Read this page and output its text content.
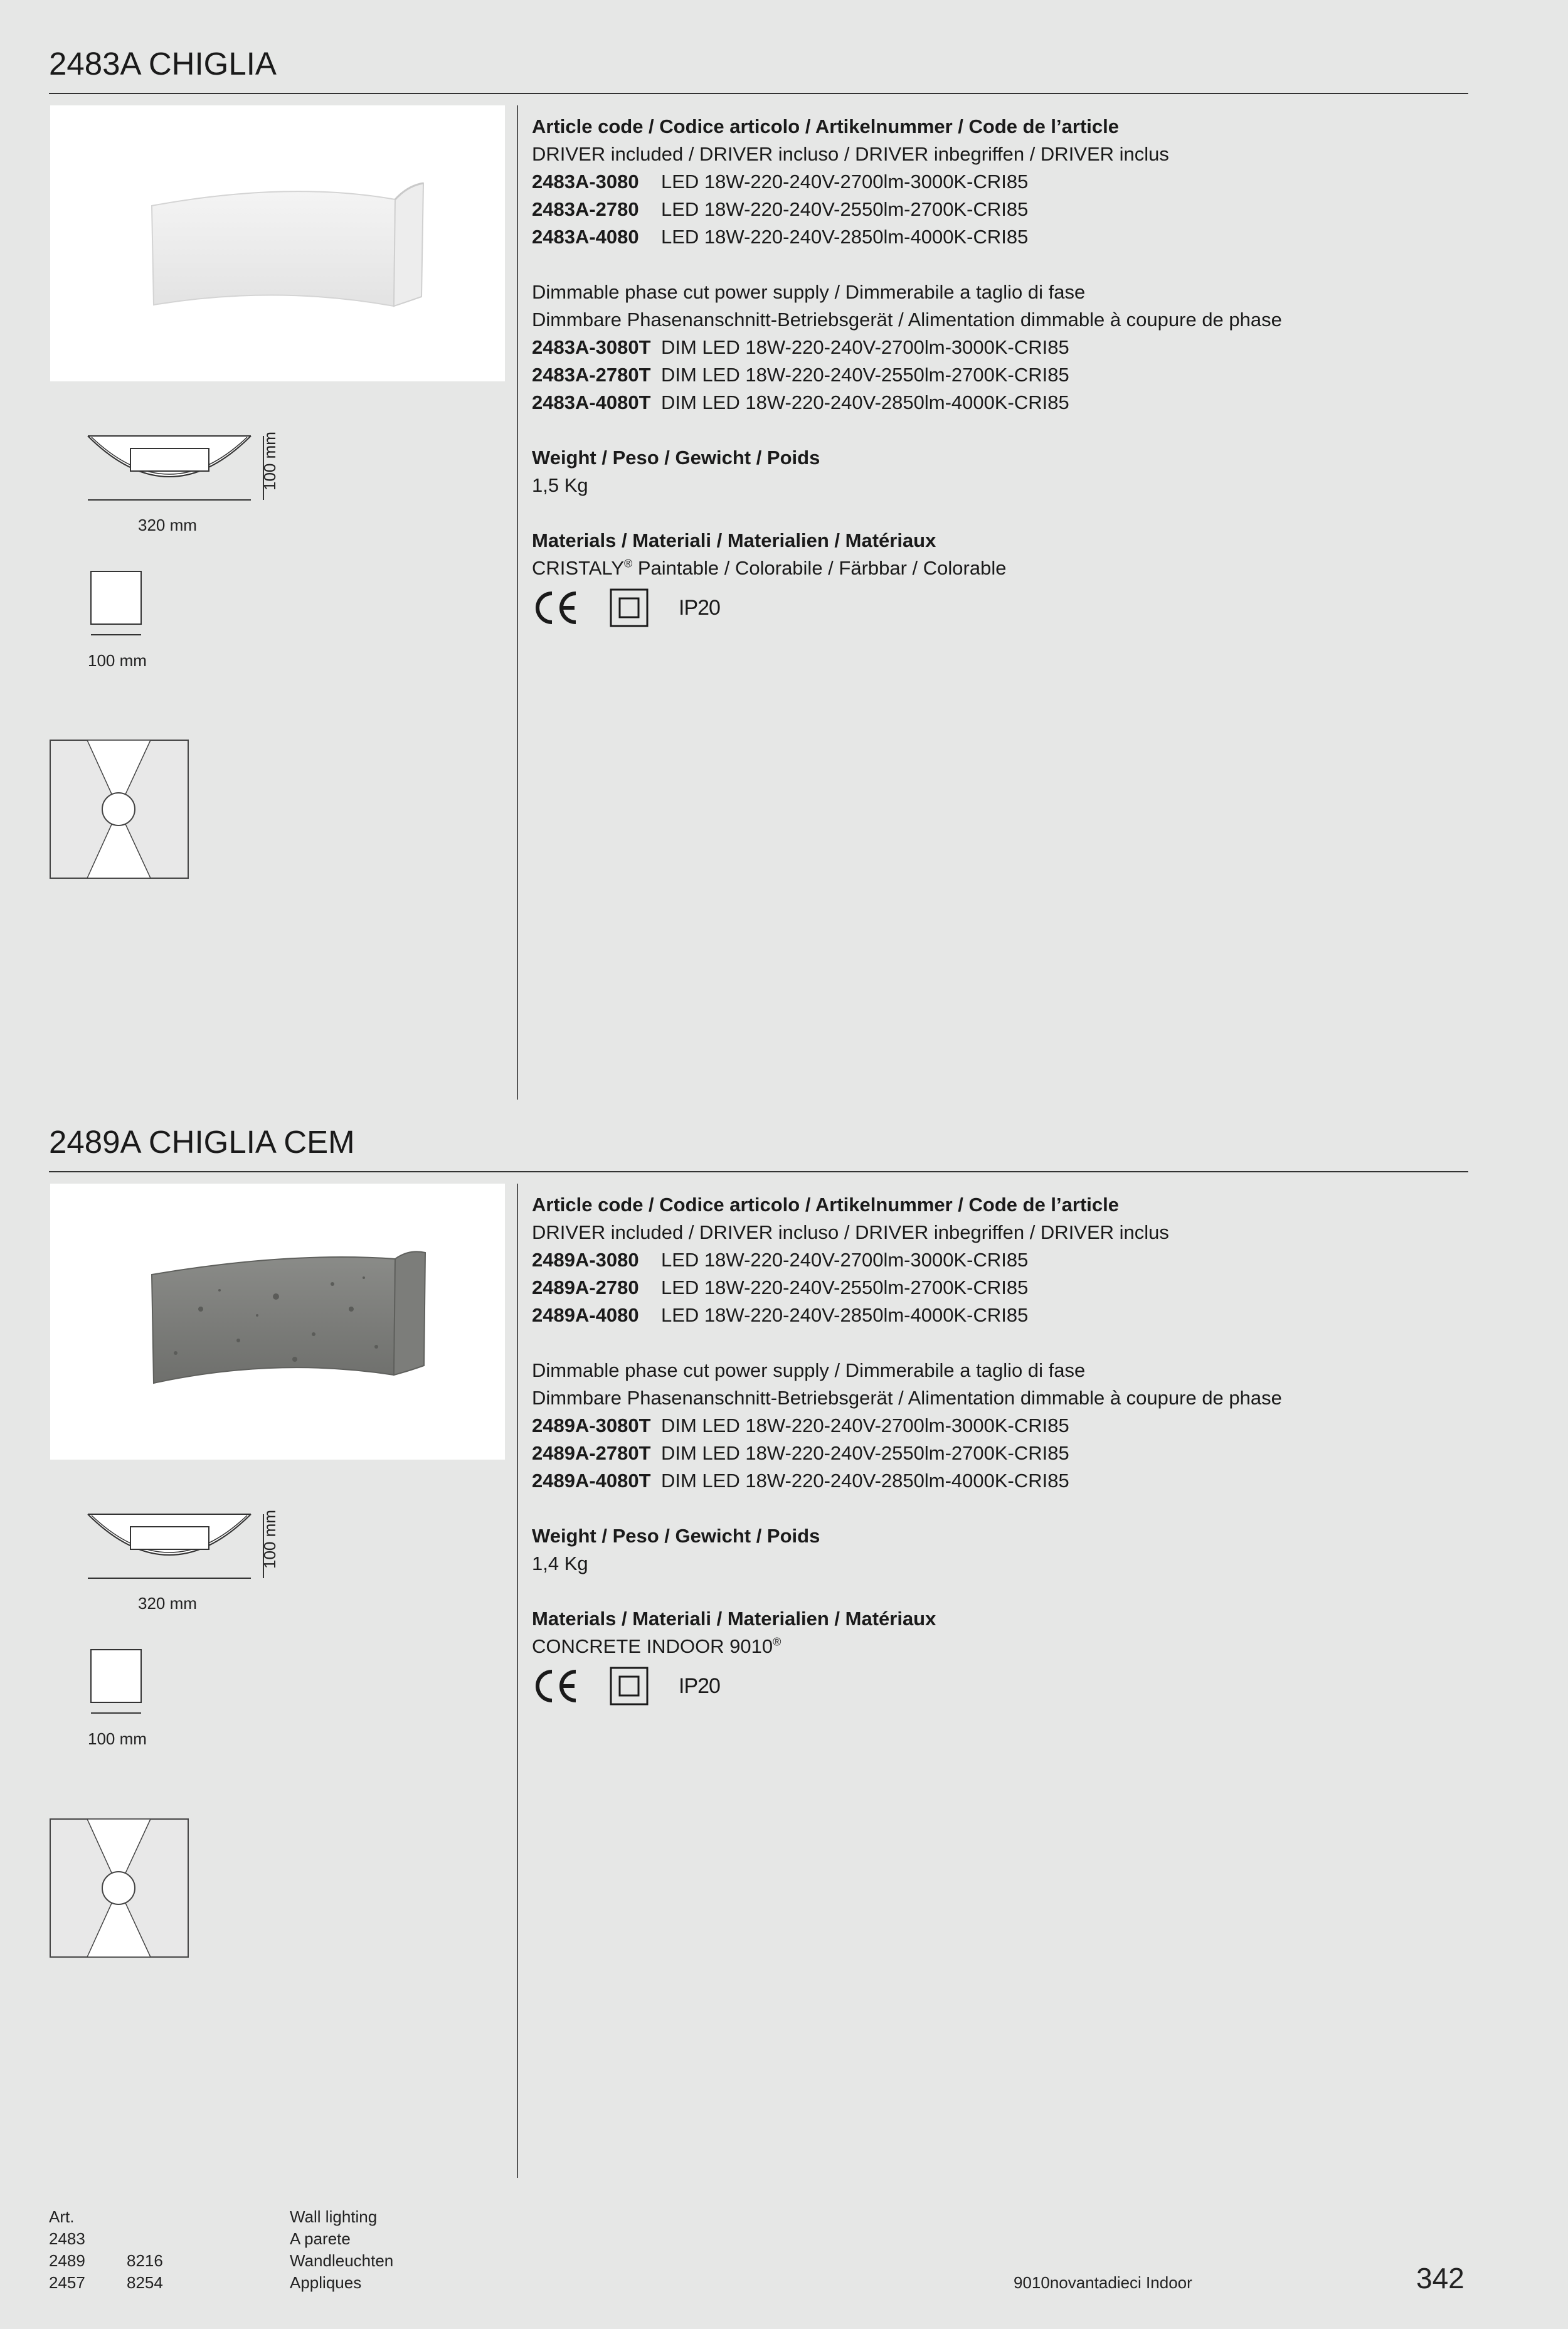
2483A CHIGLIA
100 mm
320 mm
100 mm
Article code / Codice articolo / Artikelnummer / Code de l’article
DRIVER included / DRIVER incluso / DRIVER inbegriffen / DRIVER inclus
2483A-3080 LED 18W-220-240V-2700lm-3000K-CRI85
2483A-2780 LED 18W-220-240V-2550lm-2700K-CRI85
2483A-4080 LED 18W-220-240V-2850lm-4000K-CRI85
Dimmable phase cut power supply / Dimmerabile a taglio di fase
Dimmbare Phasenanschnitt-Betriebsgerät / Alimentation dimmable à coupure de phase
2483A-3080T DIM LED 18W-220-240V-2700lm-3000K-CRI85
2483A-2780T DIM LED 18W-220-240V-2550lm-2700K-CRI85
2483A-4080T DIM LED 18W-220-240V-2850lm-4000K-CRI85
Weight / Peso / Gewicht / Poids
1,5 Kg
Materials / Materiali / Materialien / Matériaux
CRISTALY® Paintable / Colorabile / Färbbar / Colorable
IP20
2489A CHIGLIA CEM
100 mm
320 mm
100 mm
Article code / Codice articolo / Artikelnummer / Code de l’article
DRIVER included / DRIVER incluso / DRIVER inbegriffen / DRIVER inclus
2489A-3080 LED 18W-220-240V-2700lm-3000K-CRI85
2489A-2780 LED 18W-220-240V-2550lm-2700K-CRI85
2489A-4080 LED 18W-220-240V-2850lm-4000K-CRI85
Dimmable phase cut power supply / Dimmerabile a taglio di fase
Dimmbare Phasenanschnitt-Betriebsgerät / Alimentation dimmable à coupure de phase
2489A-3080T DIM LED 18W-220-240V-2700lm-3000K-CRI85
2489A-2780T DIM LED 18W-220-240V-2550lm-2700K-CRI85
2489A-4080T DIM LED 18W-220-240V-2850lm-4000K-CRI85
Weight / Peso / Gewicht / Poids
1,4 Kg
Materials / Materiali / Materialien / Matériaux
CONCRETE INDOOR 9010®
IP20
Art.
2483
2489	8216
2457	8254
Wall lighting
A parete
Wandleuchten
Appliques	9010novantadieci Indoor	342
